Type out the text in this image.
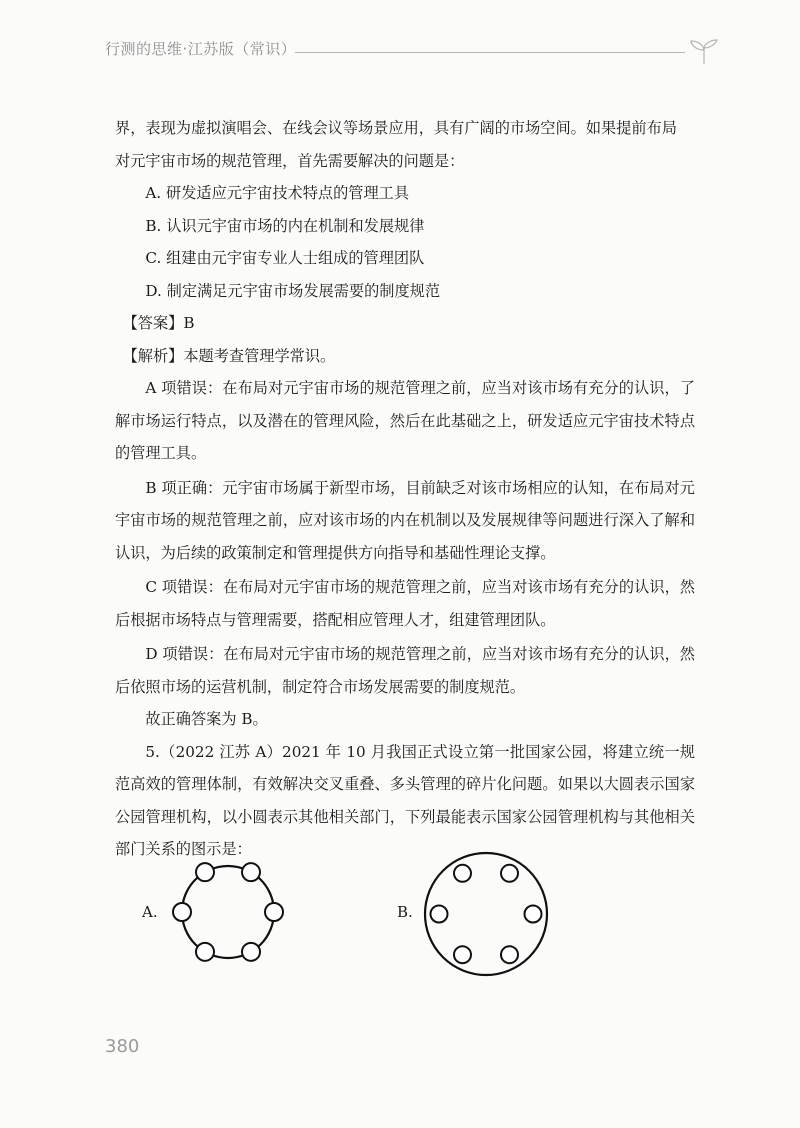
行测的思维·江苏版（常识）

界，表现为虚拟演唱会、在线会议等场景应用，具有广阔的市场空间。如果提前布局

对元宇宙市场的规范管理，首先需要解决的问题是：

A. 研发适应元宇宙技术特点的管理工具

B. 认识元宇宙市场的内在机制和发展规律

C. 组建由元宇宙专业人士组成的管理团队

D. 制定满足元宇宙市场发展需要的制度规范

【答案】B

【解析】本题考查管理学常识。

A 项错误：在布局对元宇宙市场的规范管理之前，应当对该市场有充分的认识，了解市场运行特点，以及潜在的管理风险，然后在此基础之上，研发适应元宇宙技术特点的管理工具。

B 项正确：元宇宙市场属于新型市场，目前缺乏对该市场相应的认知，在布局对元宇宙市场的规范管理之前，应对该市场的内在机制以及发展规律等问题进行深入了解和认识，为后续的政策制定和管理提供方向指导和基础性理论支撑。

C 项错误：在布局对元宇宙市场的规范管理之前，应当对该市场有充分的认识，然后根据市场特点与管理需要，搭配相应管理人才，组建管理团队。

D 项错误：在布局对元宇宙市场的规范管理之前，应当对该市场有充分的认识，然后依照市场的运营机制，制定符合市场发展需要的制度规范。

故正确答案为 B。

5.（2022 江苏 A）2021 年 10 月我国正式设立第一批国家公园，将建立统一规范高效的管理体制，有效解决交叉重叠、多头管理的碎片化问题。如果以大圆表示国家公园管理机构，以小圆表示其他相关部门，下列最能表示国家公园管理机构与其他相关部门关系的图示是：

A.	B.
380
